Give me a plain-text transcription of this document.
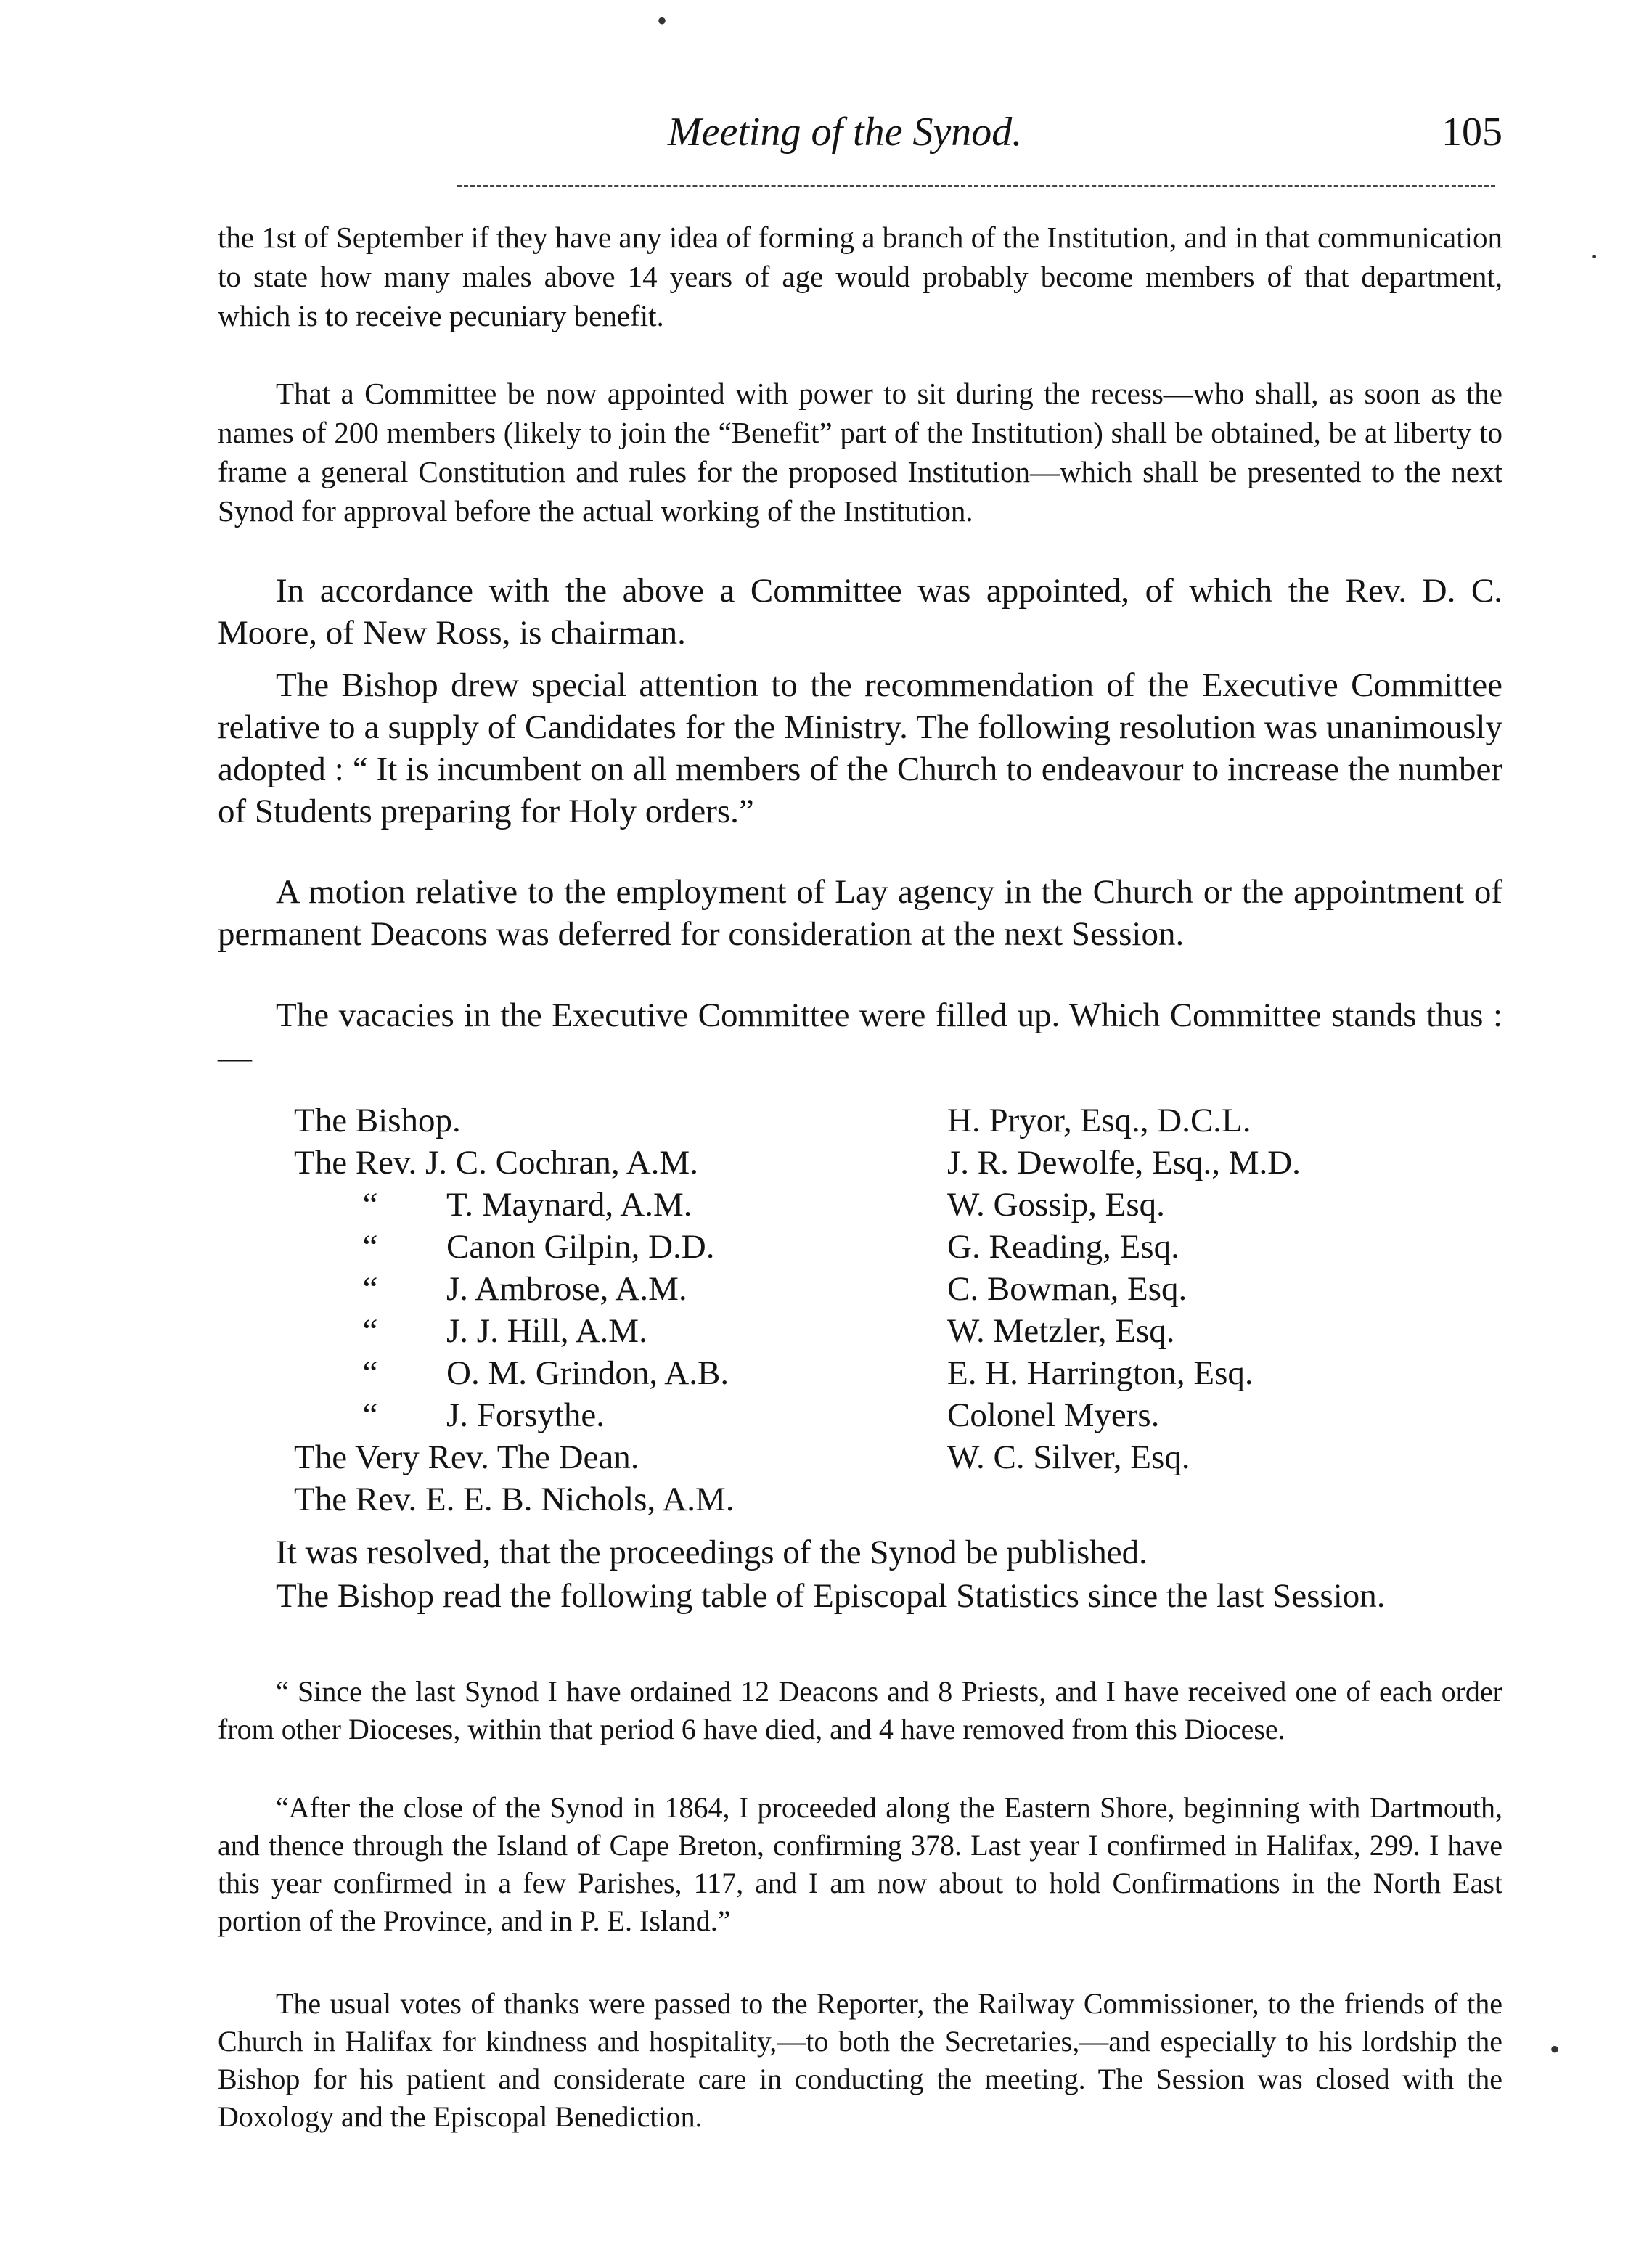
Meeting of the Synod.	105

the 1st of September if they have any idea of forming a branch of the Institution, and in that communication to state how many males above 14 years of age would probably become members of that department, which is to receive pecuniary benefit.

That a Committee be now appointed with power to sit during the recess—who shall, as soon as the names of 200 members (likely to join the “Benefit” part of the Institution) shall be obtained, be at liberty to frame a general Constitution and rules for the proposed Institution—which shall be presented to the next Synod for approval before the actual working of the Institution.

In accordance with the above a Committee was appointed, of which the Rev. D. C. Moore, of New Ross, is chairman.

The Bishop drew special attention to the recommendation of the Executive Committee relative to a supply of Candidates for the Ministry. The following resolution was unanimously adopted : “ It is incumbent on all members of the Church to endeavour to increase the number of Students preparing for Holy orders.”

A motion relative to the employment of Lay agency in the Church or the appointment of permanent Deacons was deferred for consideration at the next Session.

The vacacies in the Executive Committee were filled up. Which Committee stands thus :—

The Bishop.
The Rev. J. C. Cochran, A.M.
“ T. Maynard, A.M.
“ Canon Gilpin, D.D.
“ J. Ambrose, A.M.
“ J. J. Hill, A.M.
“ O. M. Grindon, A.B.
“ J. Forsythe.
The Very Rev. The Dean.
The Rev. E. E. B. Nichols, A.M.
H. Pryor, Esq., D.C.L.
J. R. Dewolfe, Esq., M.D.
W. Gossip, Esq.
G. Reading, Esq.
C. Bowman, Esq.
W. Metzler, Esq.
E. H. Harrington, Esq.
Colonel Myers.
W. C. Silver, Esq.

It was resolved, that the proceedings of the Synod be published.

The Bishop read the following table of Episcopal Statistics since the last Session.

“ Since the last Synod I have ordained 12 Deacons and 8 Priests, and I have received one of each order from other Dioceses, within that period 6 have died, and 4 have removed from this Diocese.

“After the close of the Synod in 1864, I proceeded along the Eastern Shore, beginning with Dartmouth, and thence through the Island of Cape Breton, confirming 378. Last year I confirmed in Halifax, 299. I have this year confirmed in a few Parishes, 117, and I am now about to hold Confirmations in the North East portion of the Province, and in P. E. Island.”

The usual votes of thanks were passed to the Reporter, the Railway Commissioner, to the friends of the Church in Halifax for kindness and hospitality,—to both the Secretaries,—and especially to his lordship the Bishop for his patient and considerate care in conducting the meeting. The Session was closed with the Doxology and the Episcopal Benediction.

•
·
•
